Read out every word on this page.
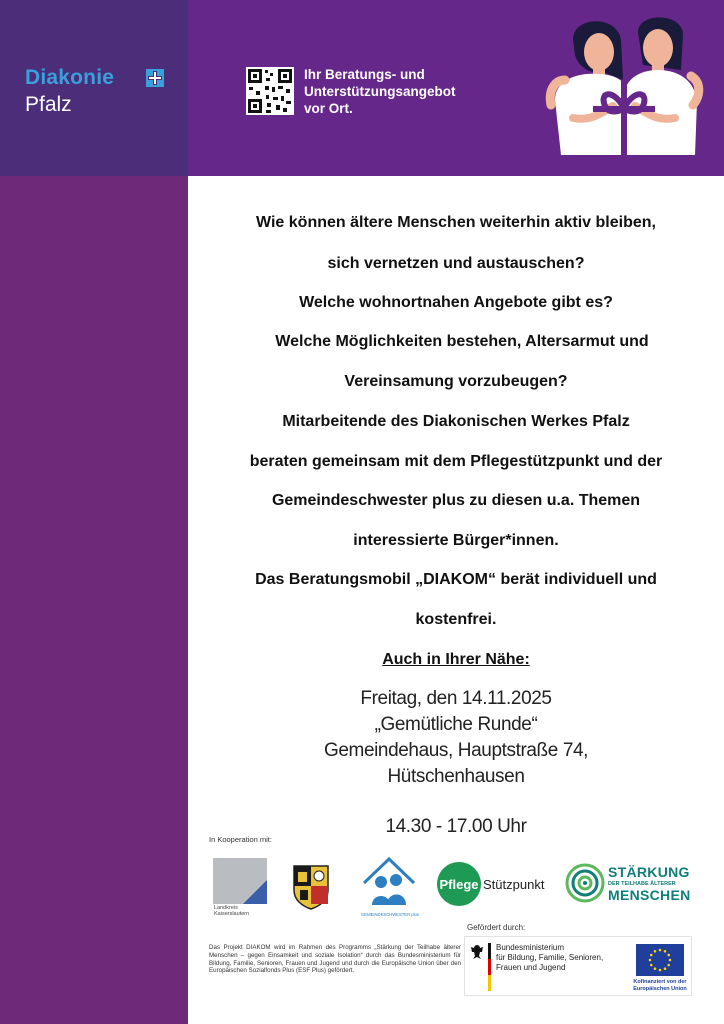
Diakonie
Pfalz
Ihr Beratungs- und
Unterstützungsangebot
vor Ort.
Wie können ältere Menschen weiterhin aktiv bleiben,
sich vernetzen und austauschen?
Welche wohnortnahen Angebote gibt es?
Welche Möglichkeiten bestehen, Altersarmut und
Vereinsamung vorzubeugen?
Mitarbeitende des Diakonischen Werkes Pfalz
beraten gemeinsam mit dem Pflegestützpunkt und der
Gemeindeschwester plus zu diesen u.a. Themen
interessierte Bürger*innen.
Das Beratungsmobil „DIAKOM“ berät individuell und
kostenfrei.
Auch in Ihrer Nähe:
Freitag, den 14.11.2025
„Gemütliche Runde“
Gemeindehaus, Hauptstraße 74,
Hütschenhausen
14.30 - 17.00 Uhr
In Kooperation mit:
Landkreis Kaiserslautern	GEMEINDESCHWESTER plus
Pflege Stützpunkt
STÄRKUNG
DER TEILHABE ÄLTERER
MENSCHEN
Gefördert durch:
Das Projekt DIAKOM wird im Rahmen des Programms „Stärkung der Teilhabe älterer Menschen – gegen Einsamkeit und soziale Isolation“ durch das Bundesministerium für Bildung, Familie, Senioren, Frauen und Jugend und durch die Europäische Union über den Europäischen Sozialfonds Plus (ESF Plus) gefördert.
Bundesministerium
für Bildung, Familie, Senioren,
Frauen und Jugend
Kofinanziert von der Europäischen Union
